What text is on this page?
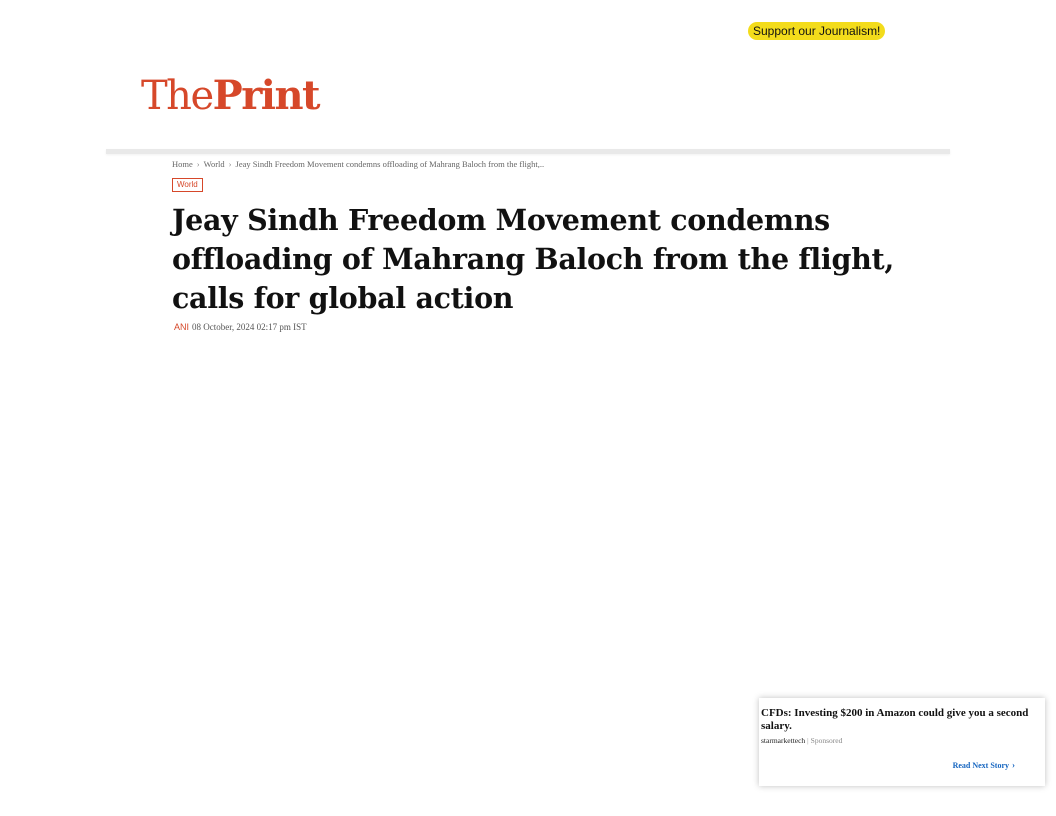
Support our Journalism!
ThePrint
Home › World › Jeay Sindh Freedom Movement condemns offloading of Mahrang Baloch from the flight,..
World
Jeay Sindh Freedom Movement condemns offloading of Mahrang Baloch from the flight, calls for global action
ANI 08 October, 2024 02:17 pm IST
CFDs: Investing $200 in Amazon could give you a second salary.
starmarkettech | Sponsored
Read Next Story ›
